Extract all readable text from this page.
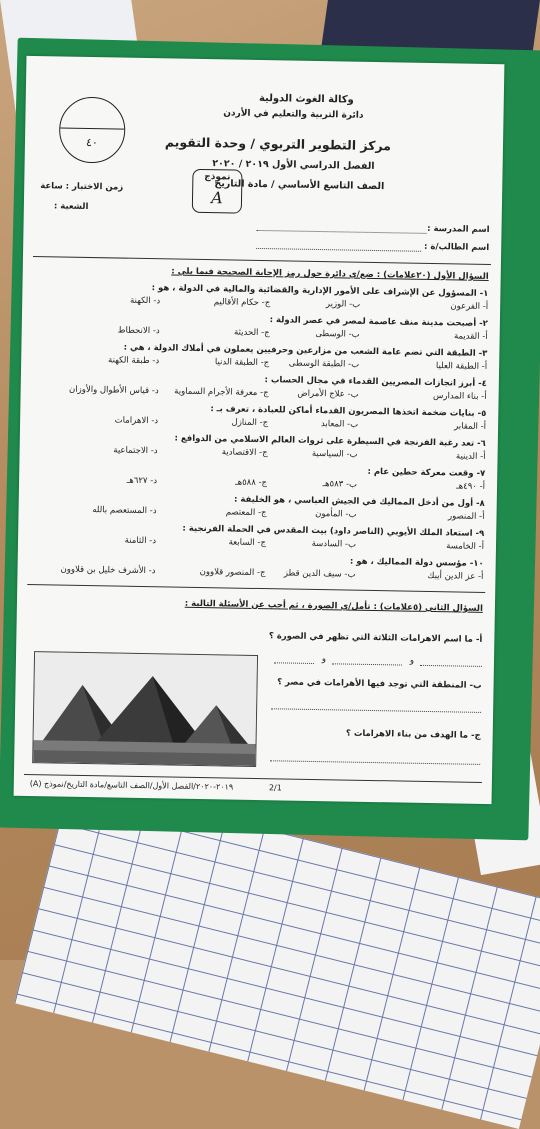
وكالة الغوث الدولية
دائرة التربية والتعليم في الأردن
مركز التطوير التربوي / وحدة التقويم
الفصل الدراسي الأول ٢٠١٩ / ٢٠٢٠
الصف التاسع الأساسي / مادة التاريخ
٤٠
نموذج
A
زمن الاختبار : ساعة
الشعبة :
اسم المدرسة :
اسم الطالب/ة :
السؤال الأول (٢٠علامات) : ضع/ي دائرة حول رمز الإجابة الصحيحة فيما يلي :
١- المسؤول عن الإشراف على الأمور الإدارية والقضائية والمالية في الدولة ، هو :
أ- الفرعون
ب- الوزير
ج- حكام الأقاليم
د- الكهنة
٢- أصبحت مدينة منف عاصمة لمصر في عصر الدولة :
أ- القديمة
ب- الوسطى
ج- الحديثة
د- الانحطاط
٣- الطبقة التي تضم عامة الشعب من مزارعين وحرفيين يعملون في أملاك الدولة ، هي :
أ- الطبقة العليا
ب- الطبقة الوسطى
ج- الطبقة الدنيا
د- طبقة الكهنة
٤- أبرز انجازات المصريين القدماء في مجال الحساب :
أ- بناء المدارس
ب- علاج الأمراض
ج- معرفة الأجرام السماوية
د- قياس الأطوال والأوزان
٥- بنايات ضخمة اتخذها المصريون القدماء أماكن للعبادة ، تعرف بـ :
أ- المقابر
ب- المعابد
ج- المنازل
د- الاهرامات
٦- تعد رغبة الفرنجة في السيطرة على ثروات العالم الاسلامي من الدوافع :
أ- الدينية
ب- السياسية
ج- الاقتصادية
د- الاجتماعية
٧- وقعت معركة حطين عام :
أ- ٤٩٠هـ
ب- ٥٨٣هـ
ج- ٥٨٨هـ
د- ٦٢٧هـ
٨- أول من أدخل المماليك في الجيش العباسي ، هو الخليفة :
أ- المنصور
ب- المأمون
ج- المعتصم
د- المستعصم بالله
٩- استعاد الملك الأيوبي (الناصر داود) بيت المقدس في الحملة الفرنجية :
أ- الخامسة
ب- السادسة
ج- السابعة
د- الثامنة
١٠- مؤسس دولة المماليك ، هو :
أ- عز الدين أيبك
ب- سيف الدين قطز
ج- المنصور قلاوون
د- الأشرف خليل بن قلاوون
السؤال الثاني (٥علامات) : تأمل/ي الصورة ، ثم أجب عن الأسئلة التالية :
أ- ما اسم الاهرامات الثلاثة التي تظهر في الصورة ؟
و
و
ب- المنطقة التي توجد فيها الأهرامات في مصر ؟
ج- ما الهدف من بناء الاهرامات ؟
٢٠١٩-٢٠٢٠/الفصل الأول/الصف التاسع/مادة التاريخ/نموذج (A)	2/1
